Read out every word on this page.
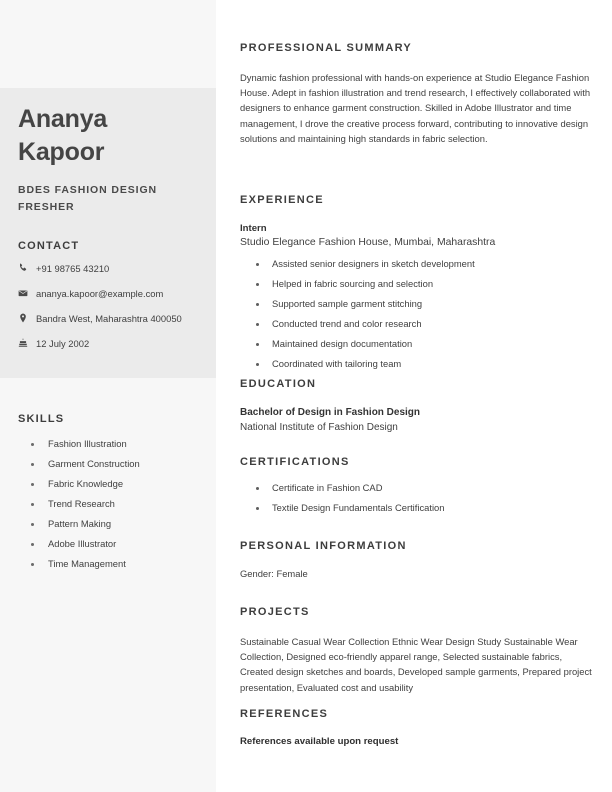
Ananya
Kapoor
BDES FASHION DESIGN FRESHER
CONTACT
+91 98765 43210
ananya.kapoor@example.com
Bandra West, Maharashtra 400050
12 July 2002
SKILLS
Fashion Illustration
Garment Construction
Fabric Knowledge
Trend Research
Pattern Making
Adobe Illustrator
Time Management
PROFESSIONAL SUMMARY

Dynamic fashion professional with hands-on experience at Studio Elegance Fashion House. Adept in fashion illustration and trend research, I effectively collaborated with designers to enhance garment construction. Skilled in Adobe Illustrator and time management, I drove the creative process forward, contributing to innovative design solutions and maintaining high standards in fabric selection.

EXPERIENCE
Intern
Studio Elegance Fashion House, Mumbai, Maharashtra
Assisted senior designers in sketch development
Helped in fabric sourcing and selection
Supported sample garment stitching
Conducted trend and color research
Maintained design documentation
Coordinated with tailoring team
EDUCATION
Bachelor of Design in Fashion Design
National Institute of Fashion Design
CERTIFICATIONS
Certificate in Fashion CAD
Textile Design Fundamentals Certification
PERSONAL INFORMATION

Gender: Female

PROJECTS

Sustainable Casual Wear Collection Ethnic Wear Design Study Sustainable Wear Collection, Designed eco-friendly apparel range, Selected sustainable fabrics, Created design sketches and boards, Developed sample garments, Prepared project presentation, Evaluated cost and usability

REFERENCES
References available upon request
